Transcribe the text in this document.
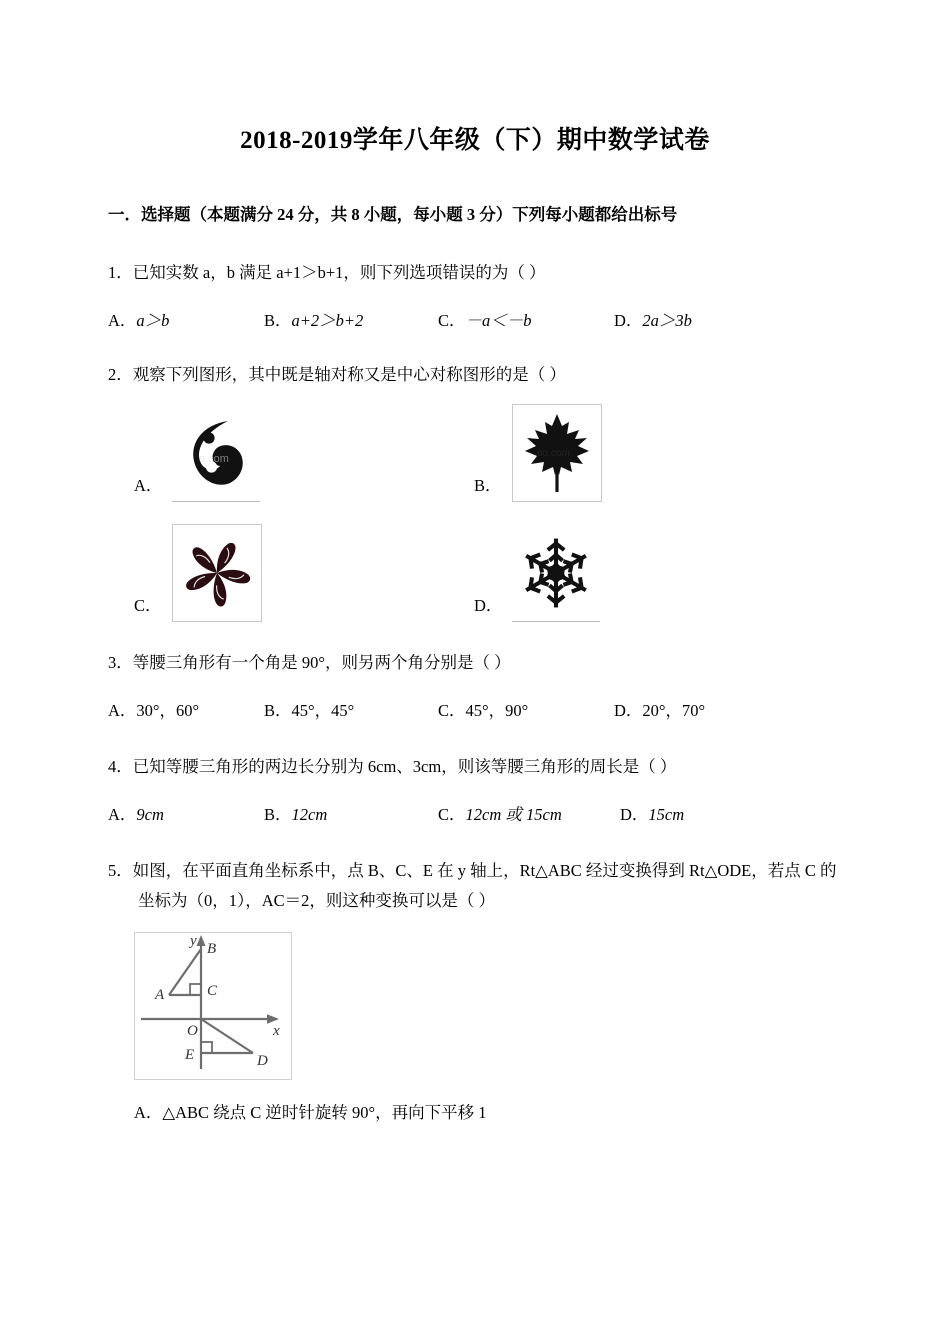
2018-2019学年八年级（下）期中数学试卷
一．选择题（本题满分 24 分，共 8 小题，每小题 3 分）下列每小题都给出标号
1．已知实数 a，b 满足 a+1＞b+1，则下列选项错误的为（ ）
A．a＞b	B．a+2＞b+2	C．－a＜－b	D．2a＞3b
2．观察下列图形，其中既是轴对称又是中心对称图形的是（ ）
A．
o.com
B．
oo.com
C．	D．
3．等腰三角形有一个角是 90°，则另两个角分别是（ ）
A．30°，60°	B．45°，45°	C．45°，90°	D．20°，70°
4．已知等腰三角形的两边长分别为 6cm、3cm，则该等腰三角形的周长是（ ）
A．9cm	B．12cm	C．12cm 或 15cm	D．15cm
5．如图，在平面直角坐标系中，点 B、C、E 在 y 轴上，Rt△ABC 经过变换得到 Rt△ODE，若点 C 的
坐标为（0，1），AC＝2，则这种变换可以是（ ）
y
x
B
A	C
O
E	D
A．△ABC 绕点 C 逆时针旋转 90°，再向下平移 1
